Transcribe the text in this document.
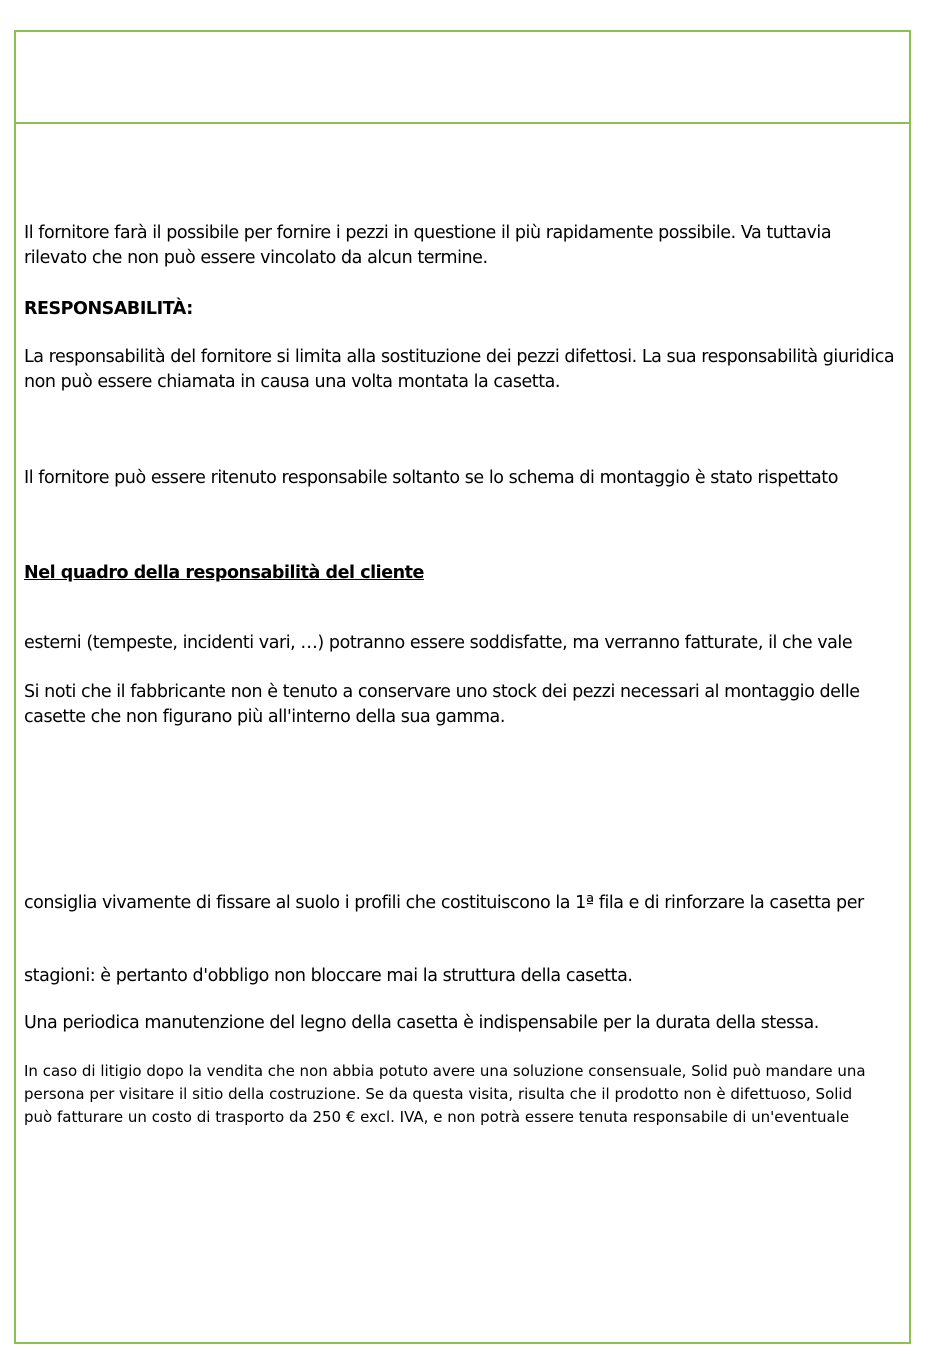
Il fornitore farà il possibile per fornire i pezzi in questione il più rapidamente possibile. Va tuttavia
rilevato che non può essere vincolato da alcun termine.

RESPONSABILITÀ:

La responsabilità del fornitore si limita alla sostituzione dei pezzi difettosi. La sua responsabilità giuridica
non può essere chiamata in causa una volta montata la casetta.

Il fornitore può essere ritenuto responsabile soltanto se lo schema di montaggio è stato rispettato

Nel quadro della responsabilità del cliente

esterni (tempeste, incidenti vari, …) potranno essere soddisfatte, ma verranno fatturate, il che vale

Si noti che il fabbricante non è tenuto a conservare uno stock dei pezzi necessari al montaggio delle
casette che non figurano più all'interno della sua gamma.

consiglia vivamente di fissare al suolo i profili che costituiscono la 1ª fila e di rinforzare la casetta per

stagioni: è pertanto d'obbligo non bloccare mai la struttura della casetta.

Una periodica manutenzione del legno della casetta è indispensabile per la durata della stessa.

In caso di litigio dopo la vendita che non abbia potuto avere una soluzione consensuale, Solid può mandare una
persona per visitare il sitio della costruzione. Se da questa visita, risulta che il prodotto non è difettuoso, Solid
può fatturare un costo di trasporto da 250 € excl. IVA, e non potrà essere tenuta responsabile di un'eventuale
